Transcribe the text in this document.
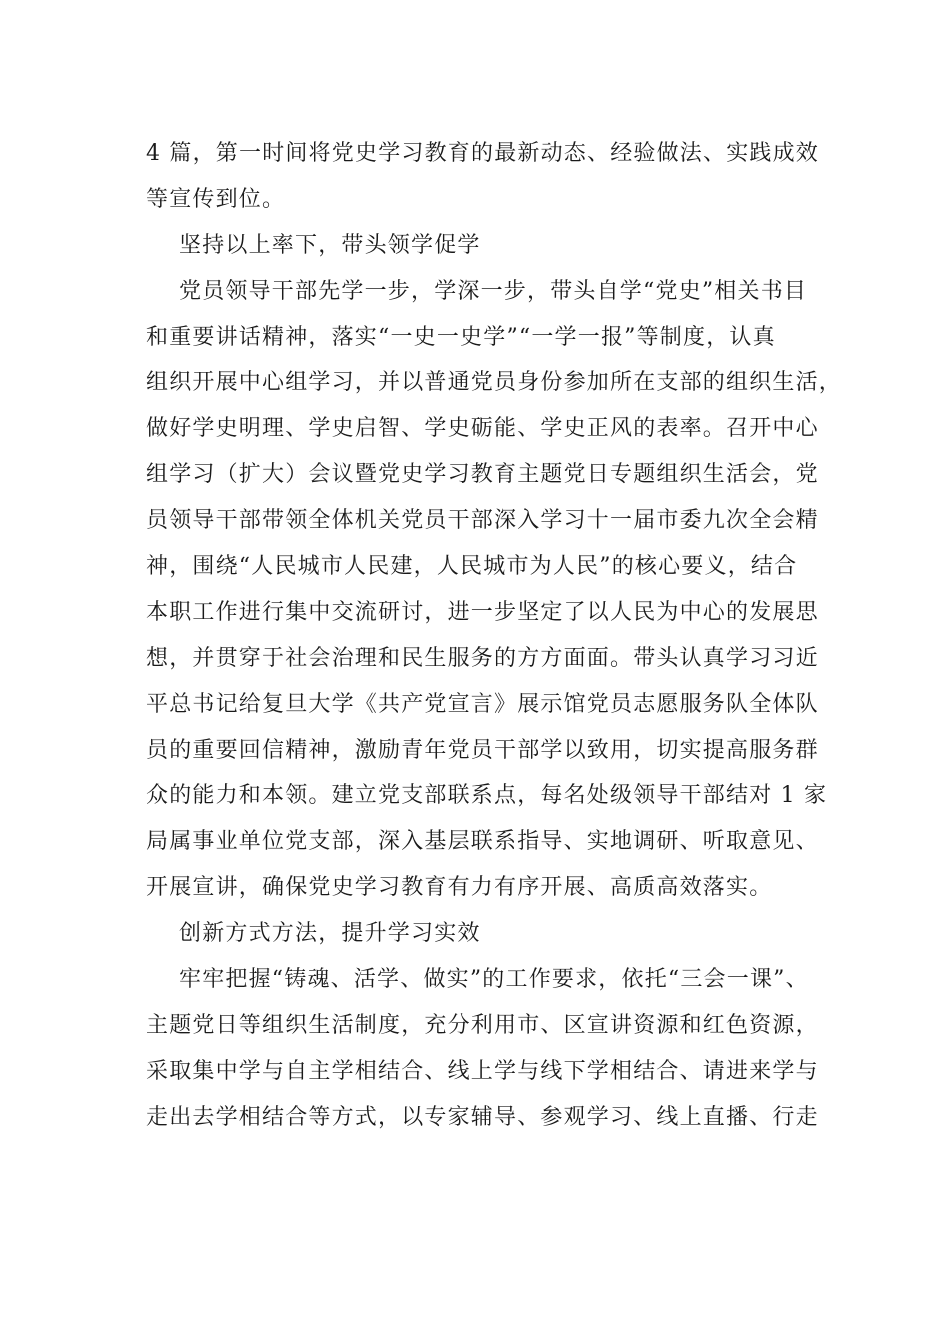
4 篇，第一时间将党史学习教育的最新动态、经验做法、实践成效
等宣传到位。
坚持以上率下，带头领学促学
党员领导干部先学一步，学深一步，带头自学“党史”相关书目
和重要讲话精神，落实“一史一史学”“一学一报”等制度，认真
组织开展中心组学习，并以普通党员身份参加所在支部的组织生活，
做好学史明理、学史启智、学史砺能、学史正风的表率。召开中心
组学习（扩大）会议暨党史学习教育主题党日专题组织生活会，党
员领导干部带领全体机关党员干部深入学习十一届市委九次全会精
神，围绕“人民城市人民建，人民城市为人民”的核心要义，结合
本职工作进行集中交流研讨，进一步坚定了以人民为中心的发展思
想，并贯穿于社会治理和民生服务的方方面面。带头认真学习习近
平总书记给复旦大学《共产党宣言》展示馆党员志愿服务队全体队
员的重要回信精神，激励青年党员干部学以致用，切实提高服务群
众的能力和本领。建立党支部联系点，每名处级领导干部结对 1 家
局属事业单位党支部，深入基层联系指导、实地调研、听取意见、
开展宣讲，确保党史学习教育有力有序开展、高质高效落实。
创新方式方法，提升学习实效
牢牢把握“铸魂、活学、做实”的工作要求，依托“三会一课”、
主题党日等组织生活制度，充分利用市、区宣讲资源和红色资源，
采取集中学与自主学相结合、线上学与线下学相结合、请进来学与
走出去学相结合等方式，以专家辅导、参观学习、线上直播、行走
